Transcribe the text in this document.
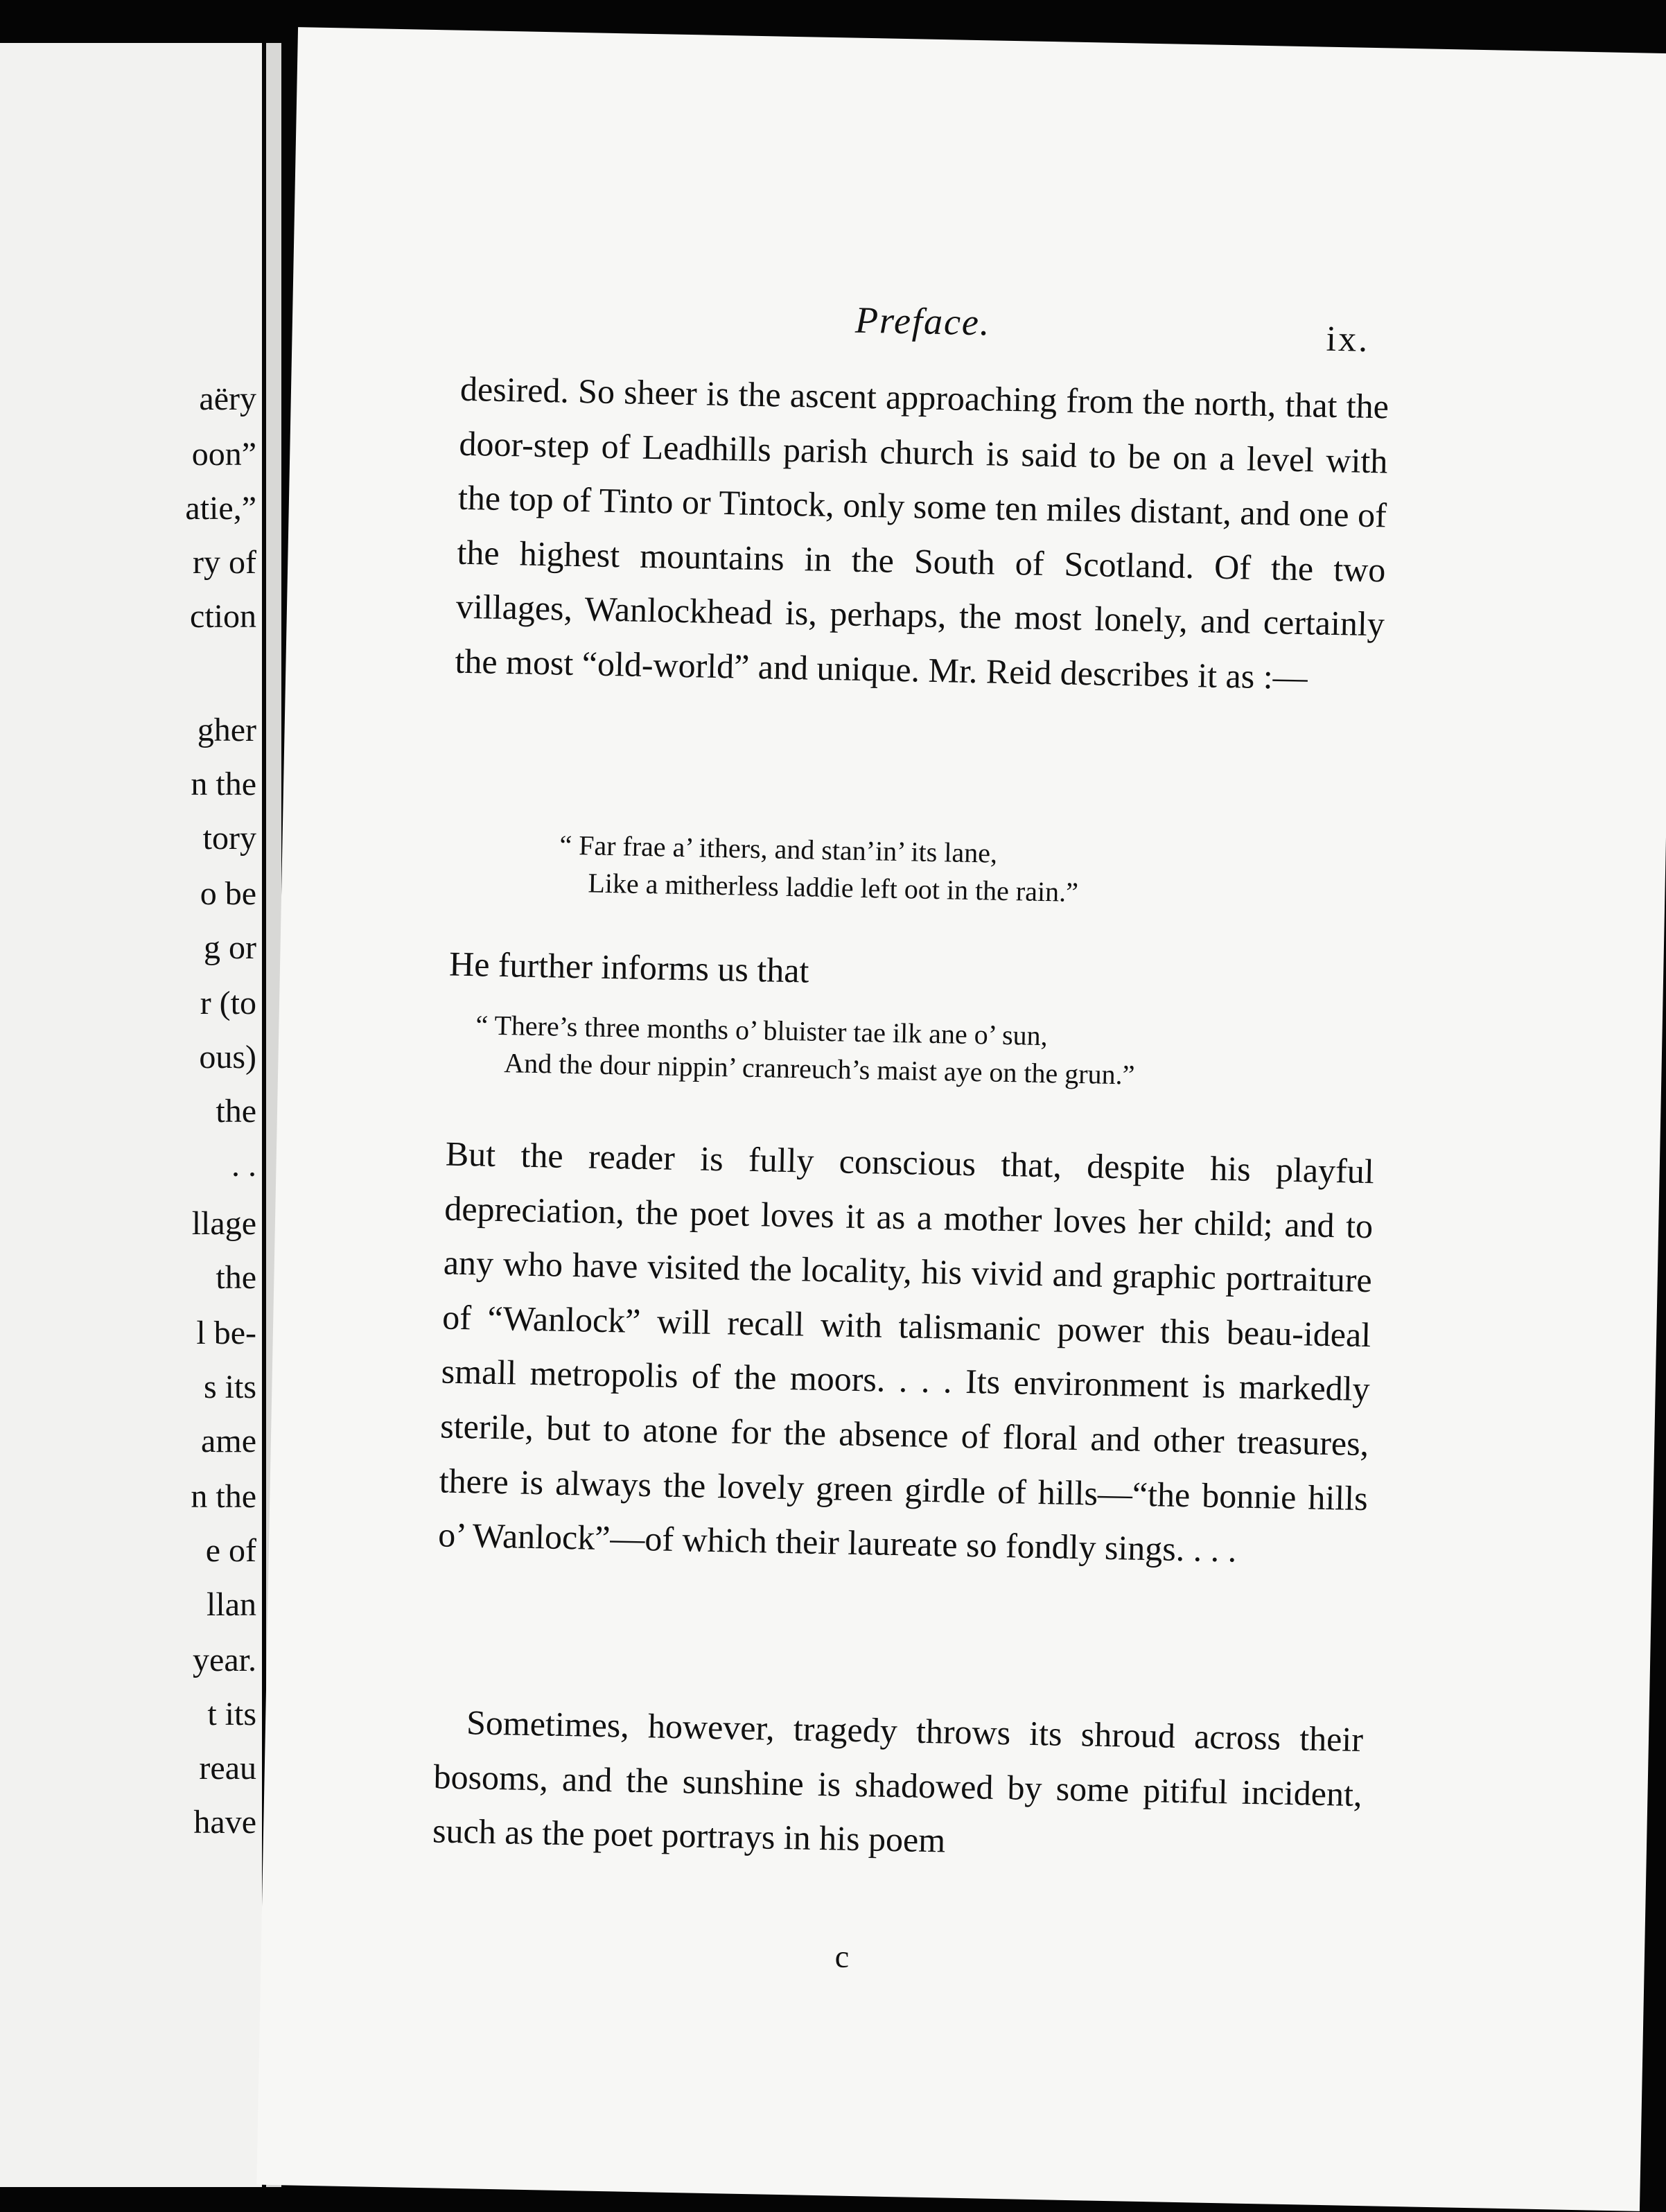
aëry
oon”
atie,”
ry of
ction
gher
n the
tory
o be
g or
r (to
ous)
the
. .
llage
the
l be-
s its
ame
n the
e of
llan
year.
t its
reau
have
Preface.	ix.

desired. So sheer is the ascent approaching from the north, that the door-step of Leadhills parish church is said to be on a level with the top of Tinto or Tintock, only some ten miles distant, and one of the highest mountains in the South of Scotland. Of the two villages, Wanlockhead is, perhaps, the most lonely, and certainly the most “old-world” and unique. Mr. Reid describes it as :—

“ Far frae a’ ithers, and stan’in’ its lane,
Like a mitherless laddie left oot in the rain.”
He further informs us that
“ There’s three months o’ bluister tae ilk ane o’ sun,
And the dour nippin’ cranreuch’s maist aye on the grun.”

But the reader is fully conscious that, despite his playful depreciation, the poet loves it as a mother loves her child; and to any who have visited the locality, his vivid and graphic portraiture of “Wanlock” will recall with talismanic power this beau-ideal small metropolis of the moors. . . . Its environment is markedly sterile, but to atone for the absence of floral and other treasures, there is always the lovely green girdle of hills—“the bonnie hills o’ Wanlock”—of which their laureate so fondly sings. . . .

Sometimes, however, tragedy throws its shroud across their bosoms, and the sunshine is shadowed by some pitiful incident, such as the poet portrays in his poem

c
